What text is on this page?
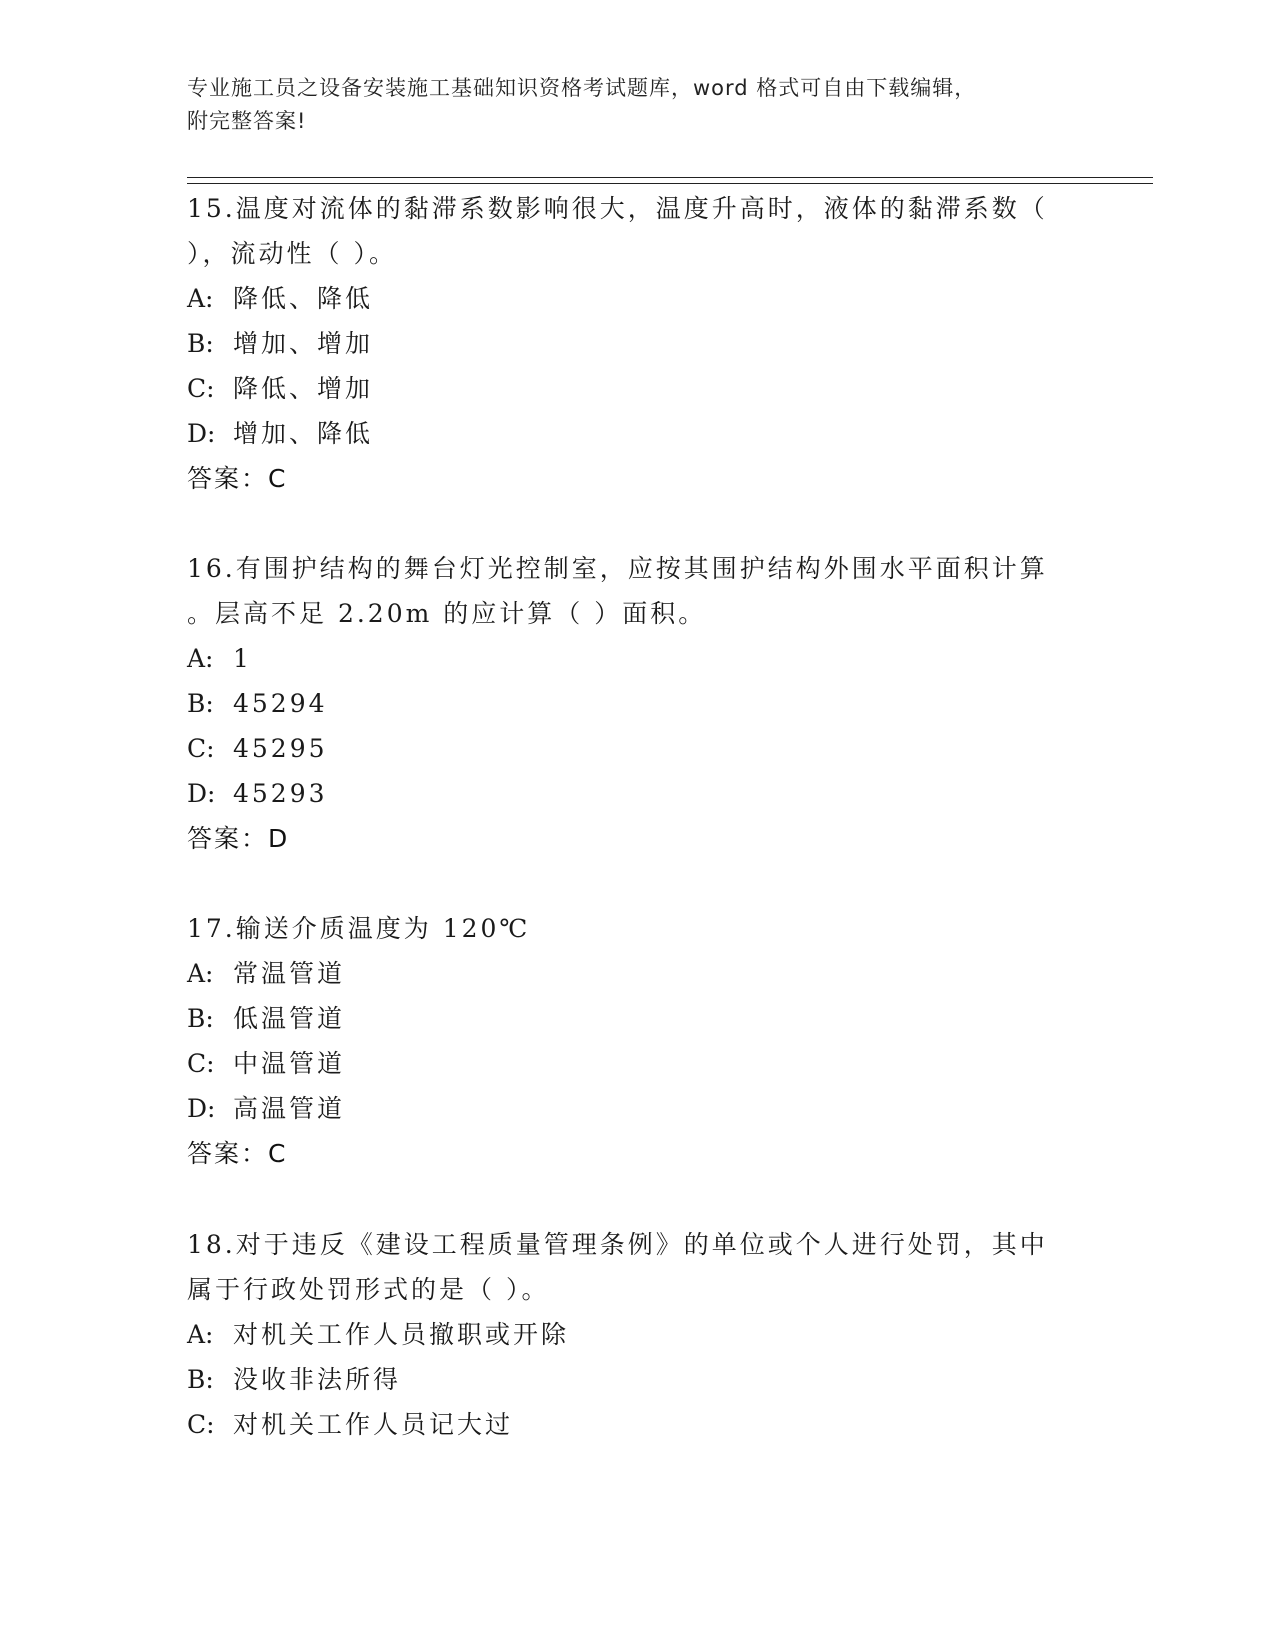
专业施工员之设备安装施工基础知识资格考试题库，word 格式可自由下载编辑，
附完整答案!
15.温度对流体的黏滞系数影响很大，温度升高时，液体的黏滞系数（
），流动性（ ）。
A: 降低、降低
B: 增加、增加
C: 降低、增加
D: 增加、降低
答案：C
16.有围护结构的舞台灯光控制室，应按其围护结构外围水平面积计算
。层高不足 2.20m 的应计算（ ）面积。
A: 1
B: 45294
C: 45295
D: 45293
答案：D
17.输送介质温度为 120℃
A: 常温管道
B: 低温管道
C: 中温管道
D: 高温管道
答案：C
18.对于违反《建设工程质量管理条例》的单位或个人进行处罚，其中
属于行政处罚形式的是（ ）。
A: 对机关工作人员撤职或开除
B: 没收非法所得
C: 对机关工作人员记大过
